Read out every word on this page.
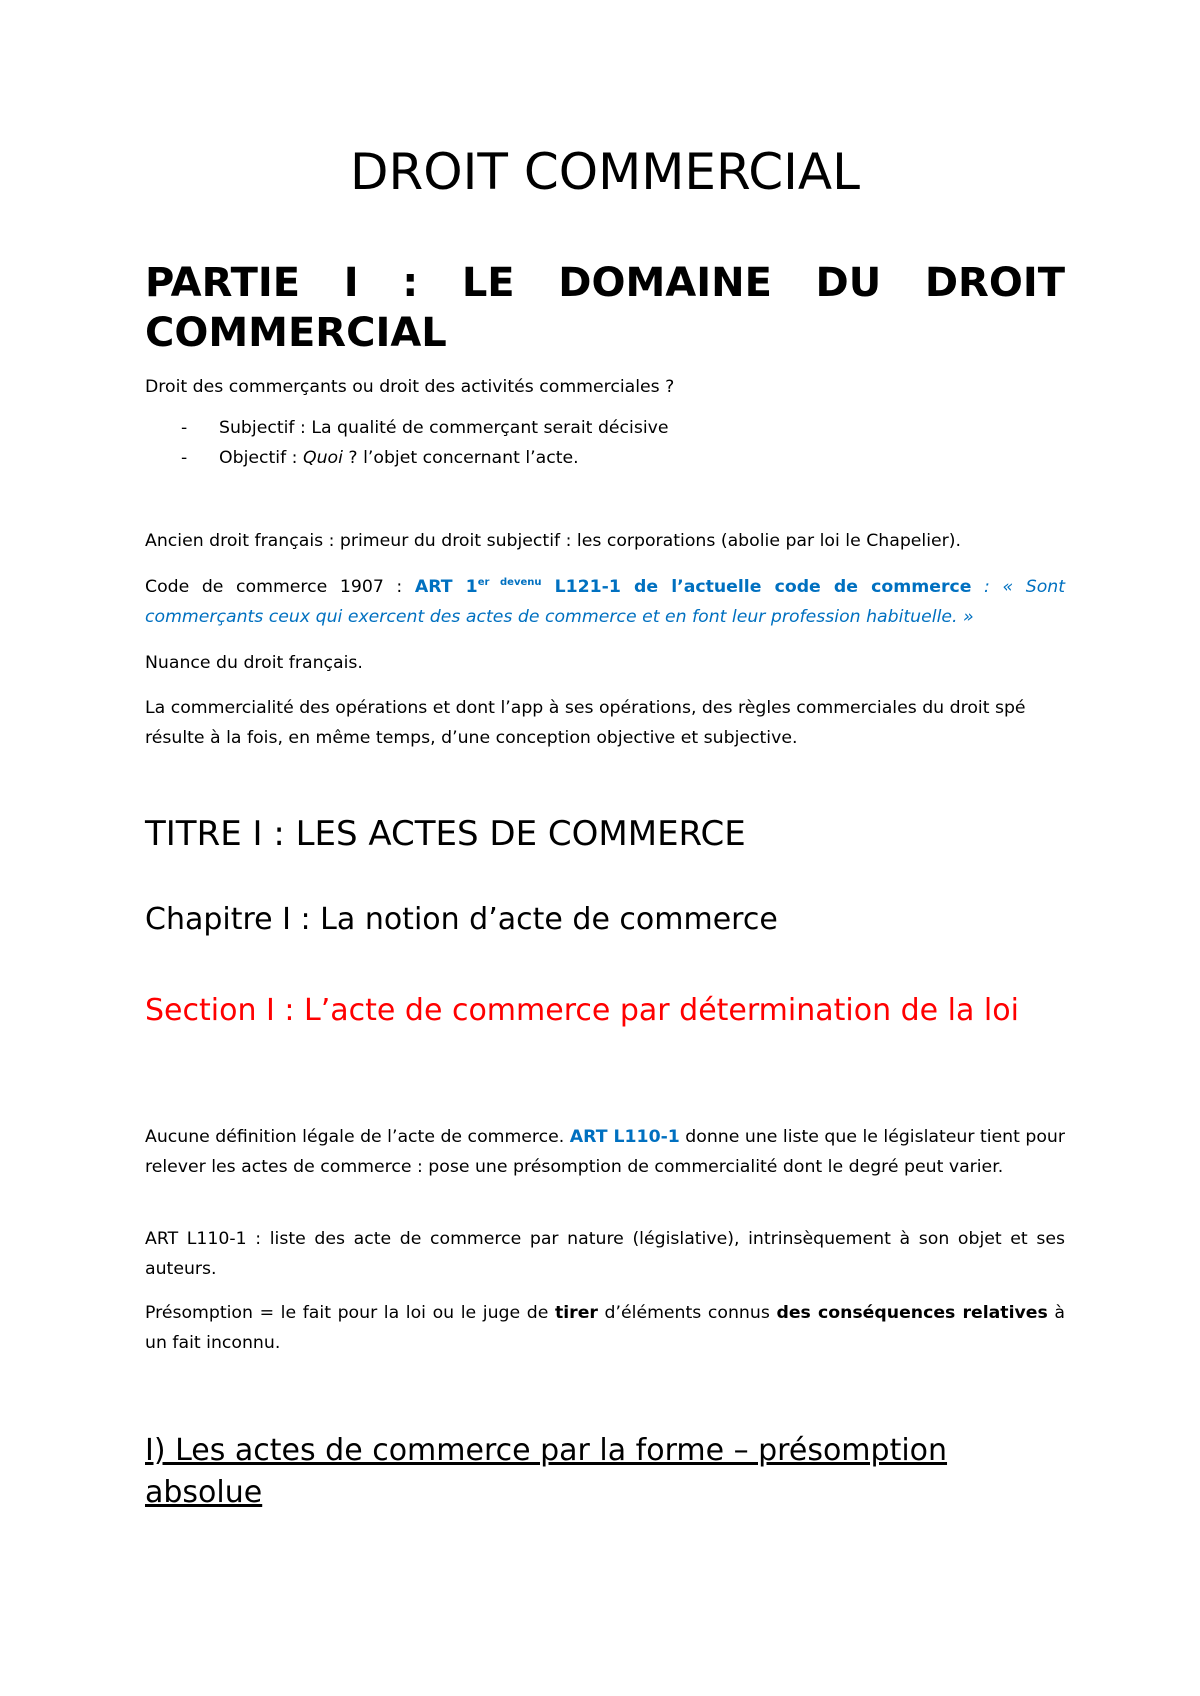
DROIT COMMERCIAL
PARTIE I : LE DOMAINE DU DROIT COMMERCIAL

Droit des commerçants ou droit des activités commerciales ?

- Subjectif : La qualité de commerçant serait décisive
- Objectif : Quoi ? l’objet concernant l’acte.

Ancien droit français : primeur du droit subjectif : les corporations (abolie par loi le Chapelier).

Code de commerce 1907 : ART $1^{er devenu}$ L121-1 de l’actuelle code de commerce : « Sont commerçants ceux qui exercent des actes de commerce et en font leur profession habituelle. »

Nuance du droit français.

La commercialité des opérations et dont l’app à ses opérations, des règles commerciales du droit spé résulte à la fois, en même temps, d’une conception objective et subjective.

TITRE I : LES ACTES DE COMMERCE
Chapitre I : La notion d’acte de commerce
Section I : L’acte de commerce par détermination de la loi

Aucune définition légale de l’acte de commerce. ART L110-1 donne une liste que le législateur tient pour relever les actes de commerce : pose une présomption de commercialité dont le degré peut varier.

ART L110-1 : liste des acte de commerce par nature (législative), intrinsèquement à son objet et ses auteurs.

Présomption = le fait pour la loi ou le juge de tirer d’éléments connus des conséquences relatives à un fait inconnu.

I) Les actes de commerce par la forme – présomption absolue
